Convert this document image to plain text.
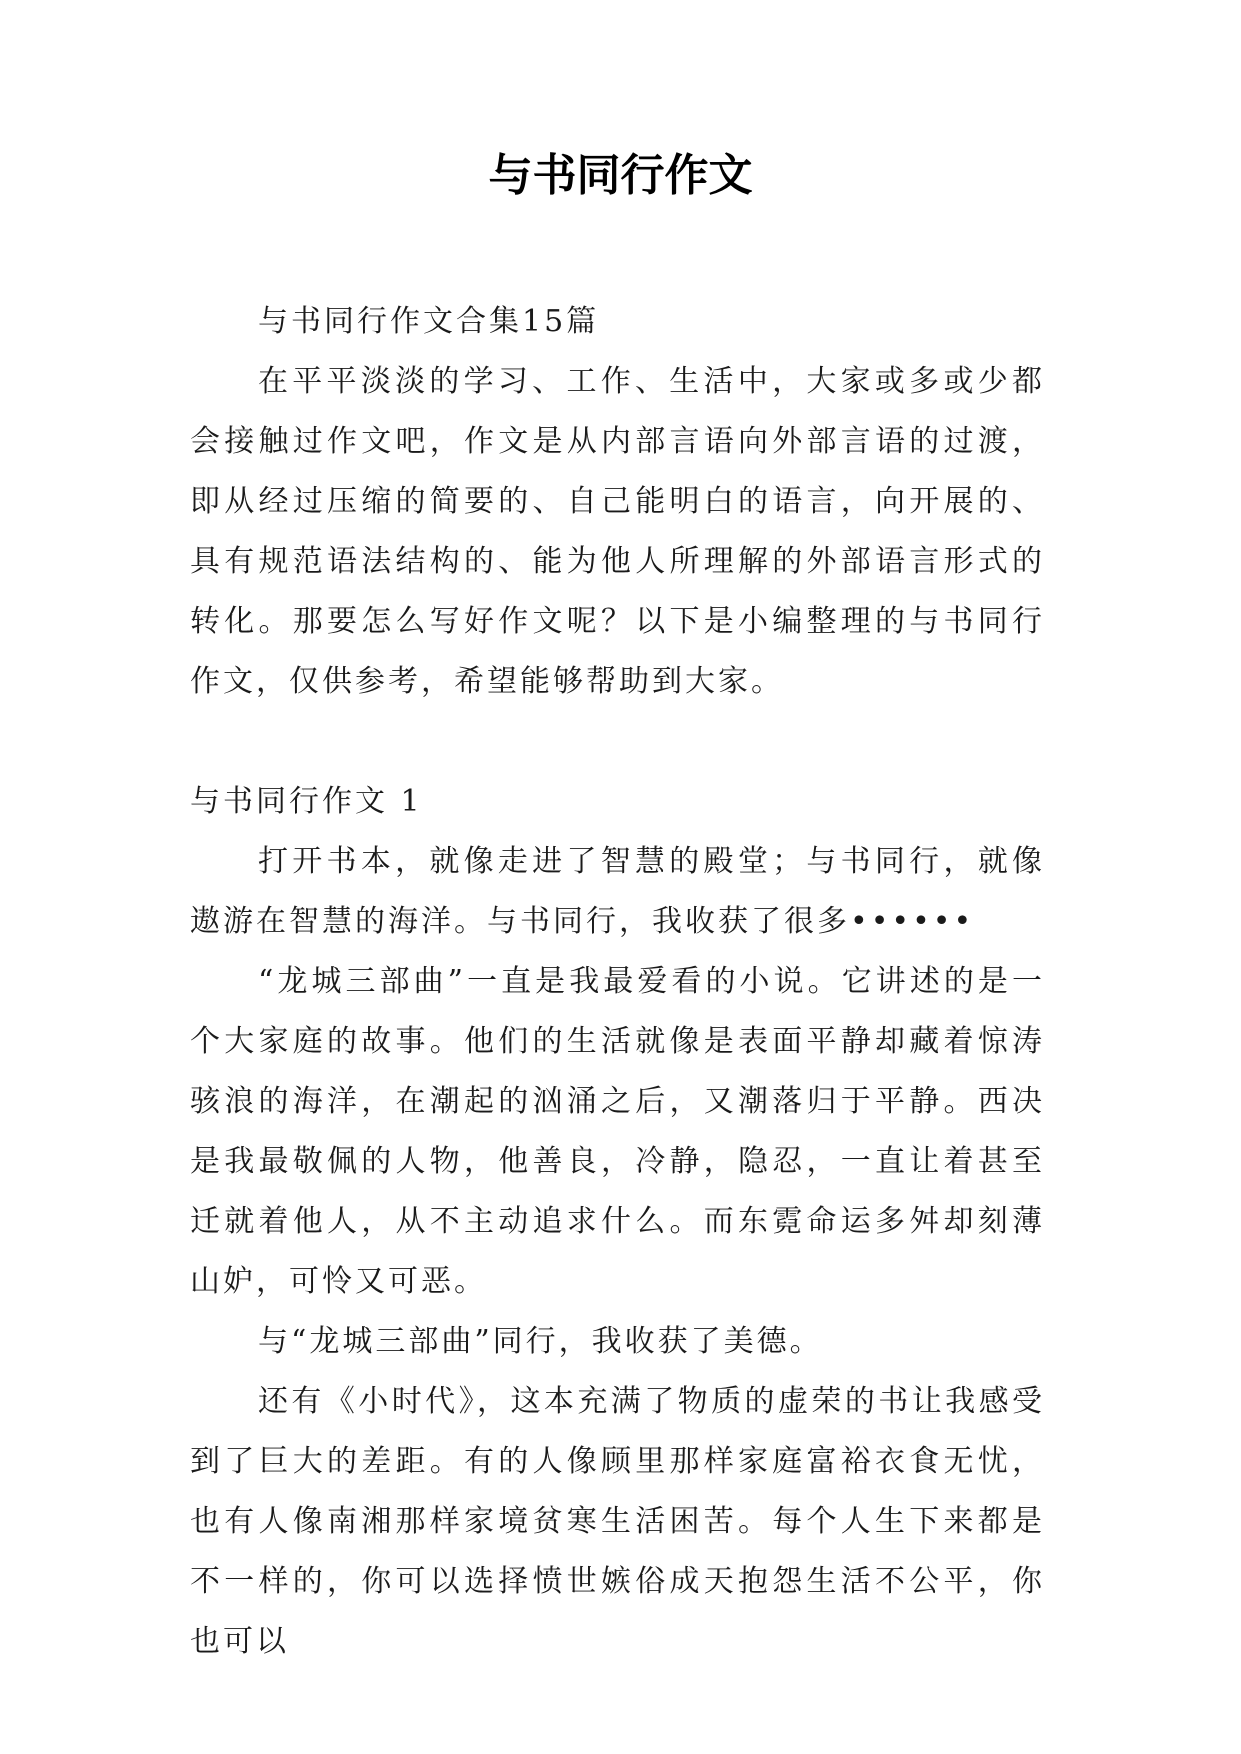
与书同行作文

与书同行作文合集15篇

在平平淡淡的学习、工作、生活中，大家或多或少都会接触过作文吧，作文是从内部言语向外部言语的过渡，即从经过压缩的简要的、自己能明白的语言，向开展的、具有规范语法结构的、能为他人所理解的外部语言形式的转化。那要怎么写好作文呢？以下是小编整理的与书同行作文，仅供参考，希望能够帮助到大家。

与书同行作文 1

打开书本，就像走进了智慧的殿堂；与书同行，就像遨游在智慧的海洋。与书同行，我收获了很多••••••

“龙城三部曲”一直是我最爱看的小说。它讲述的是一个大家庭的故事。他们的生活就像是表面平静却藏着惊涛骇浪的海洋，在潮起的汹涌之后，又潮落归于平静。西决是我最敬佩的人物，他善良，冷静，隐忍，一直让着甚至迁就着他人，从不主动追求什么。而东霓命运多舛却刻薄山妒，可怜又可恶。

与“龙城三部曲”同行，我收获了美德。

还有《小时代》，这本充满了物质的虚荣的书让我感受到了巨大的差距。有的人像顾里那样家庭富裕衣食无忧，也有人像南湘那样家境贫寒生活困苦。每个人生下来都是不一样的，你可以选择愤世嫉俗成天抱怨生活不公平，你也可以
